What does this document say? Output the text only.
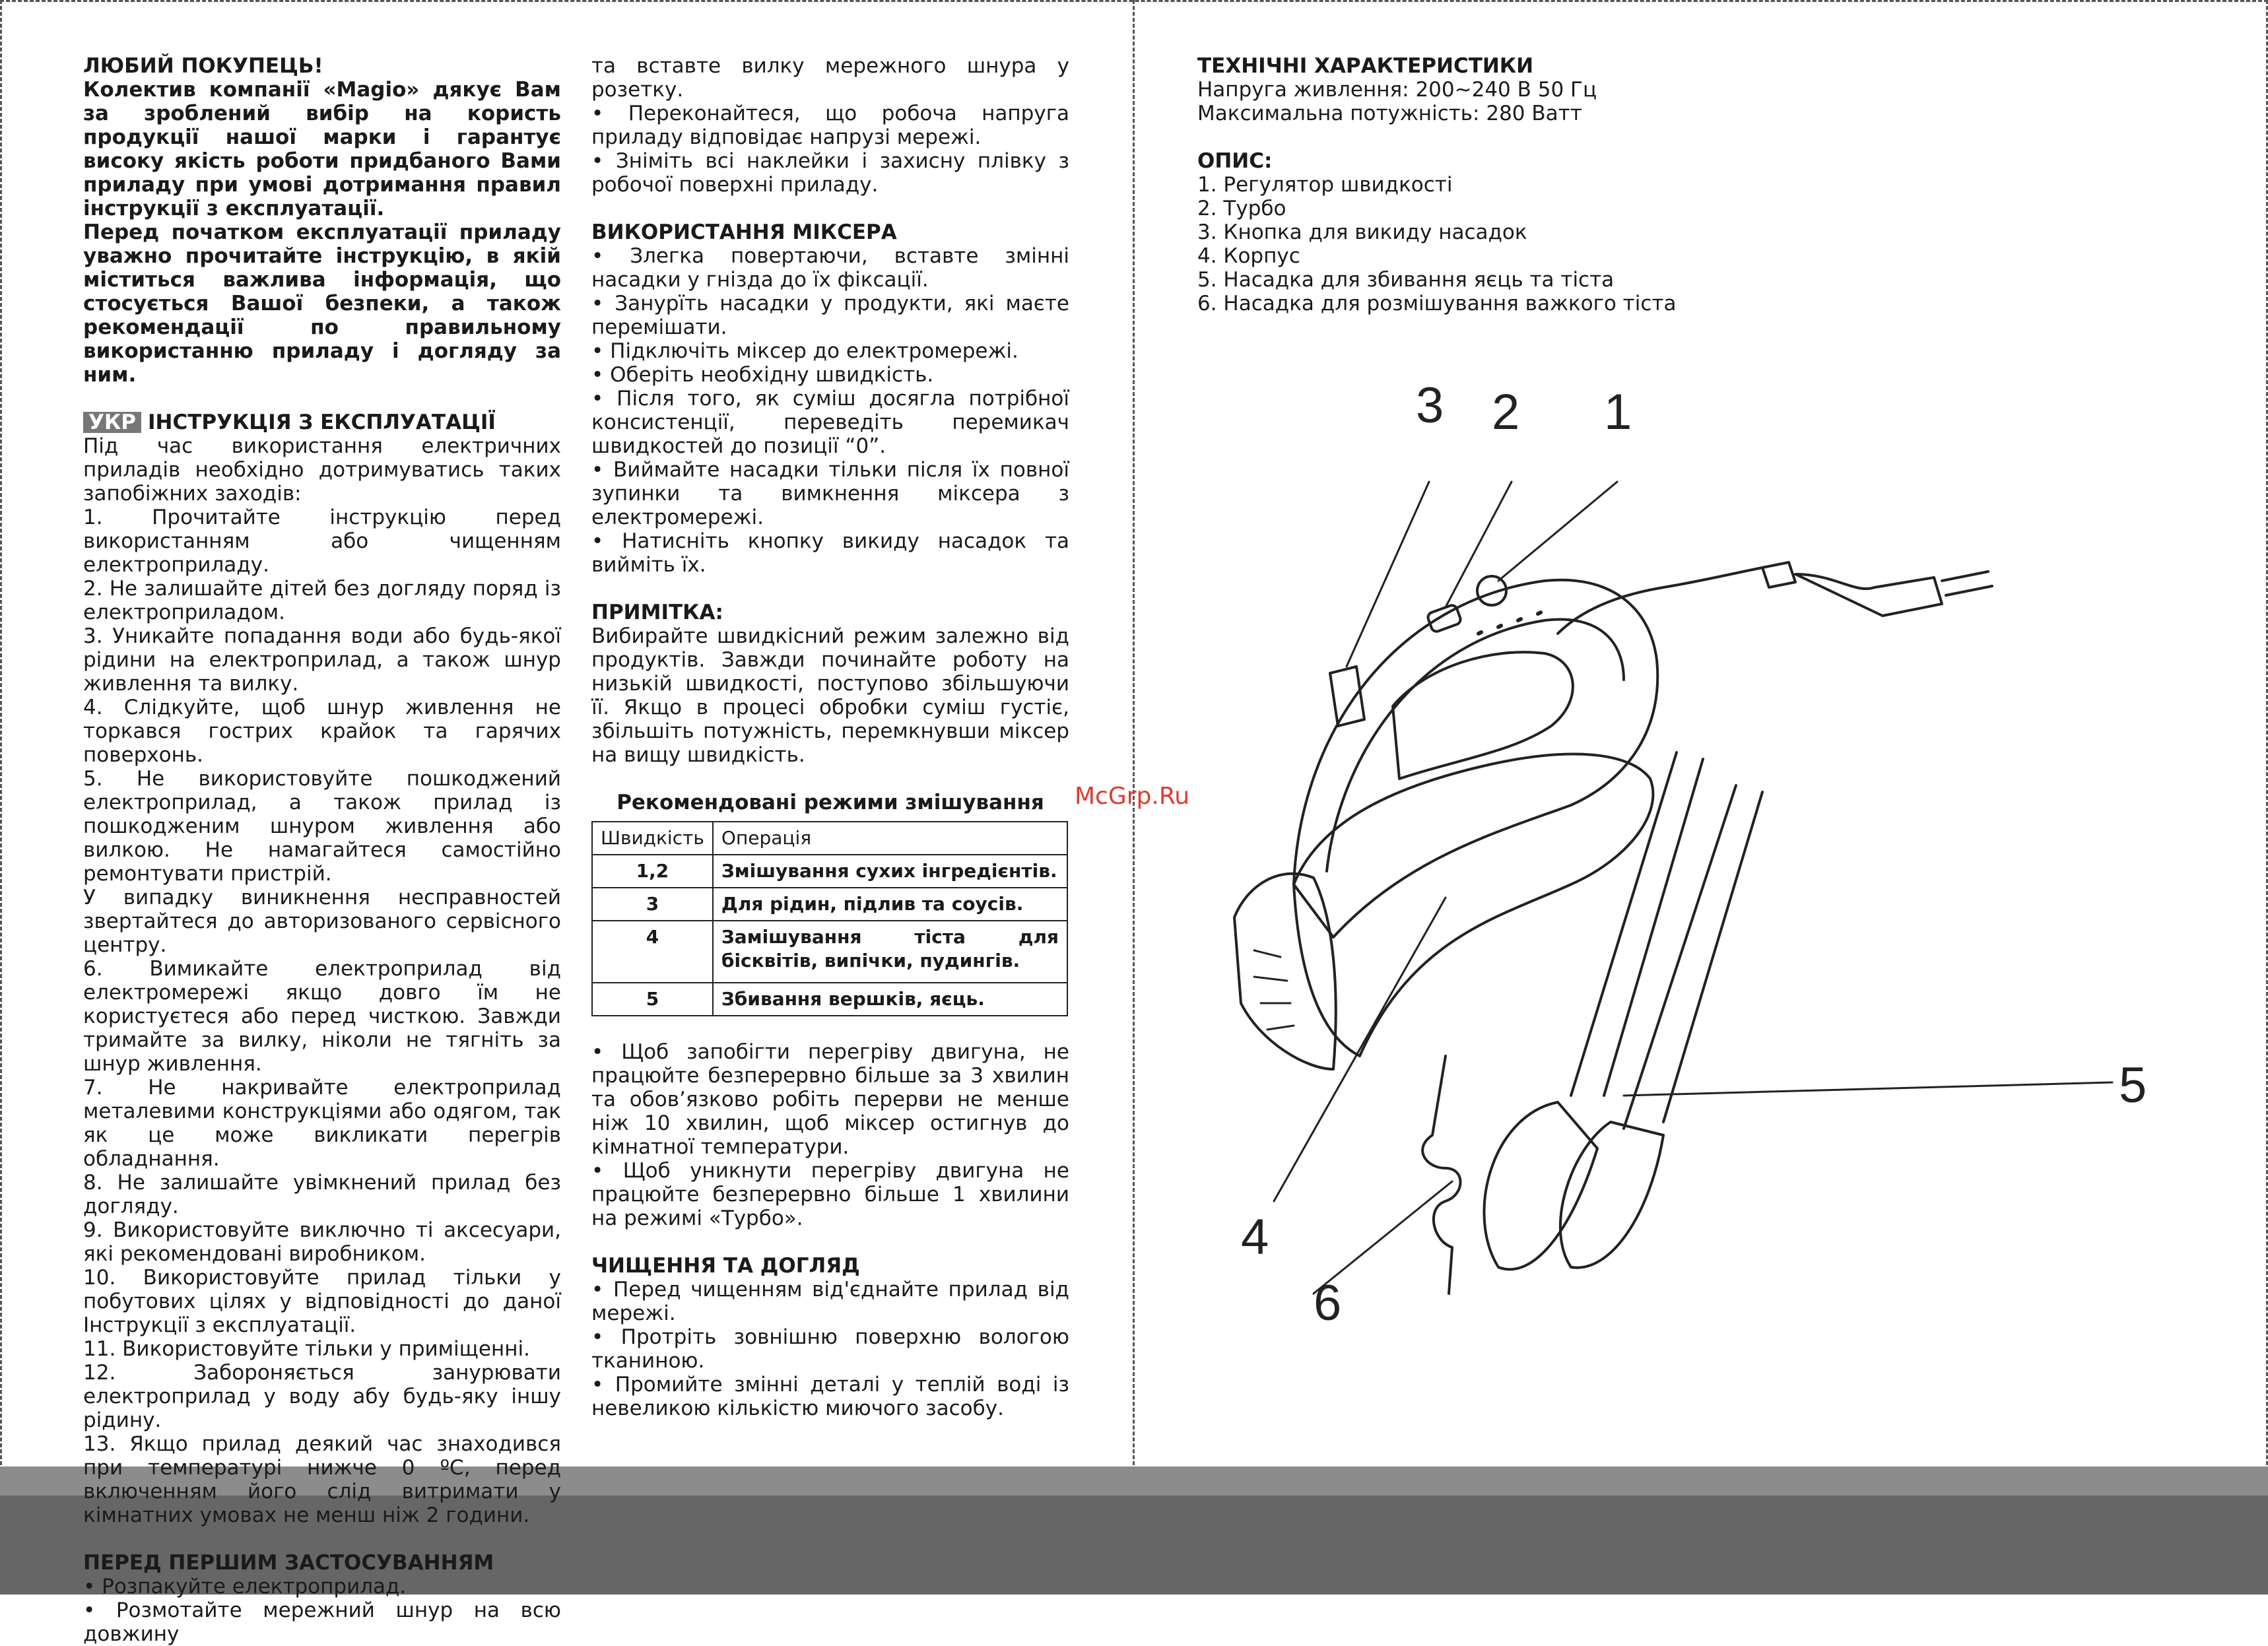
ЛЮБИЙ ПОКУПЕЦЬ!

Колектив компанії «Magio» дякує Вам за зроблений вибір на користь продукції нашої марки і гарантує високу якість роботи придбаного Вами приладу при умові дотримання правил інструкції з експлуатації.

Перед початком експлуатації приладу уважно прочитайте інструкцію, в якій міститься важлива інформація, що стосується Вашої безпеки, а також рекомендації по правильному використанню приладу і догляду за ним.

УКР ІНСТРУКЦІЯ З ЕКСПЛУАТАЦІЇ

Під час використання електричних приладів необхідно дотримуватись таких запобіжних заходів:

1. Прочитайте інструкцію перед використанням або чищенням електроприладу.

2. Не залишайте дітей без догляду поряд із електроприладом.

3. Уникайте попадання води або будь-якої рідини на електроприлад, а також шнур живлення та вилку.

4. Слідкуйте, щоб шнур живлення не торкався гострих крайок та гарячих поверхонь.

5. Не використовуйте пошкоджений електроприлад, а також прилад із пошкодженим шнуром живлення або вилкою. Не намагайтеся самостійно ремонтувати пристрій.

У випадку виникнення несправностей звертайтеся до авторизованого сервісного центру.

6. Вимикайте електроприлад від електромережі якщо довго їм не користуєтеся або перед чисткою. Завжди тримайте за вилку, ніколи не тягніть за шнур живлення.

7. Не накривайте електроприлад металевими конструкціями або одягом, так як це може викликати перегрів обладнання.

8. Не залишайте увімкнений прилад без догляду.

9. Використовуйте виключно ті аксесуари, які рекомендовані виробником.

10. Використовуйте прилад тільки у побутових цілях у відповідності до даної Інструкції з експлуатації.

11. Використовуйте тільки у приміщенні.

12. Забороняється занурювати електроприлад у воду абу будь-яку іншу рідину.

13. Якщо прилад деякий час знаходився при температурі нижче 0 ºС, перед включенням його слід витримати у кімнатних умовах не менш ніж 2 години.

ПЕРЕД ПЕРШИМ ЗАСТОСУВАННЯМ

• Розпакуйте електроприлад.

• Розмотайте мережний шнур на всю довжину

та вставте вилку мережного шнура у розетку.

• Переконайтеся, що робоча напруга приладу відповідає напрузі мережі.

• Зніміть всі наклейки і захисну плівку з робочої поверхні приладу.

ВИКОРИСТАННЯ МІКСЕРА

• Злегка повертаючи, вставте змінні насадки у гнізда до їх фіксації.

• Занурїть насадки у продукти, які маєте перемішати.

• Підключіть міксер до електромережі.

• Оберіть необхідну швидкість.

• Після того, як суміш досягла потрібної консистенції, переведіть перемикач швидкостей до позиції “0”.

• Виймайте насадки тільки після їх повної зупинки та вимкнення міксера з електромережі.

• Натисніть кнопку викиду насадок та вийміть їх.

ПРИМІТКА:

Вибирайте швидкісний режим залежно від продуктів. Завжди починайте роботу на низькій швидкості, поступово збільшуючи її. Якщо в процесі обробки суміш густіє, збільшіть потужність, перемкнувши міксер на вищу швидкість.

Рекомендовані режими змішування

Швидкість	Операція
1,2	Змішування сухих інгредієнтів.
3	Для рідин, підлив та соусів.
4	Замішування тіста для бісквітів, випічки, пудингів.
5	Збивання вершків, яєць.

• Щоб запобігти перегріву двигуна, не працюйте безперервно більше за 3 хвилин та обов’язково робіть перерви не менше ніж 10 хвилин, щоб міксер остигнув до кімнатної температури.

• Щоб уникнути перегріву двигуна не працюйте безперервно більше 1 хвилини на режимі «Турбо».

ЧИЩЕННЯ ТА ДОГЛЯД

• Перед чищенням від'єднайте прилад від мережі.

• Протріть зовнішню поверхню вологою тканиною.

• Промийте змінні деталі у теплій воді із невеликою кількістю миючого засобу.

ТЕХНІЧНІ ХАРАКТЕРИСТИКИ

Напруга живлення: 200~240 В 50 Гц

Максимальна потужність: 280 Ватт

ОПИС:

1. Регулятор швидкості

2. Турбо

3. Кнопка для викиду насадок

4. Корпус

5. Насадка для збивання яєць та тіста

6. Насадка для розмішування важкого тіста

McGrp.Ru
3 2 1
4
5
6
